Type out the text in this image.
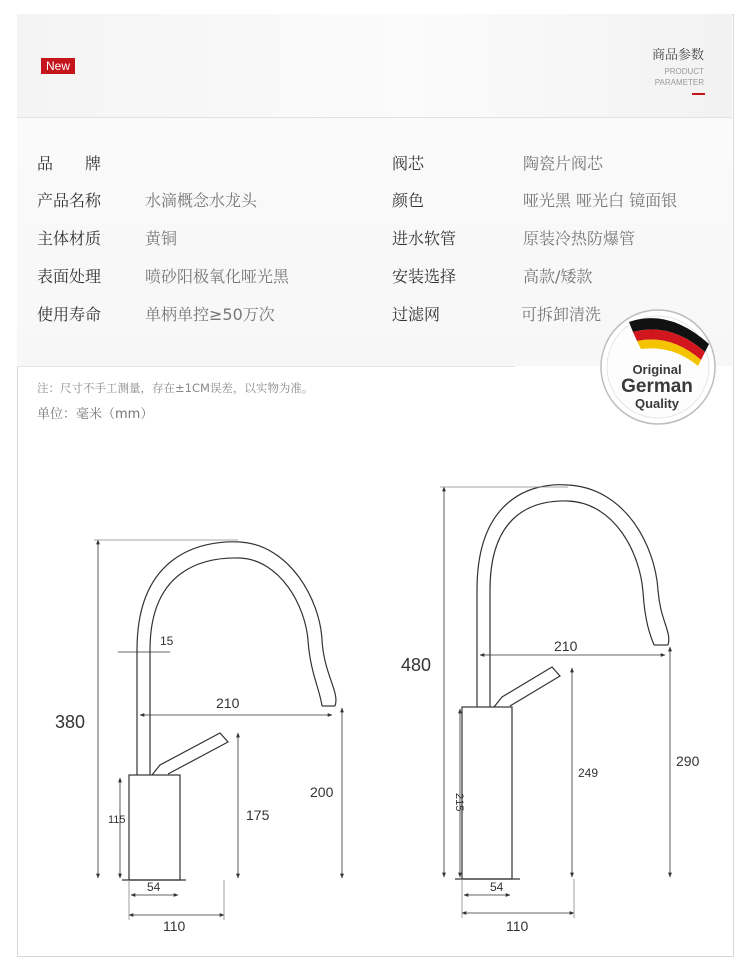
New
商品参数
PRODUCT
PARAMETER
品　　牌
产品名称	水滴概念水龙头
主体材质	黄铜
表面处理	喷砂阳极氧化哑光黑
使用寿命	单柄单控≥50万次
阀芯	陶瓷片阀芯
颜色	哑光黑 哑光白 镜面银
进水软管	原装冷热防爆管
安装选择	高款/矮款
过滤网	可拆卸清洗
注：尺寸不手工测量，存在±1CM误差，以实物为准。
单位：毫米（mm）
Original
German
Quality
380
15
210
200
175
115
54
110
480
210
290
249
215
54
110
